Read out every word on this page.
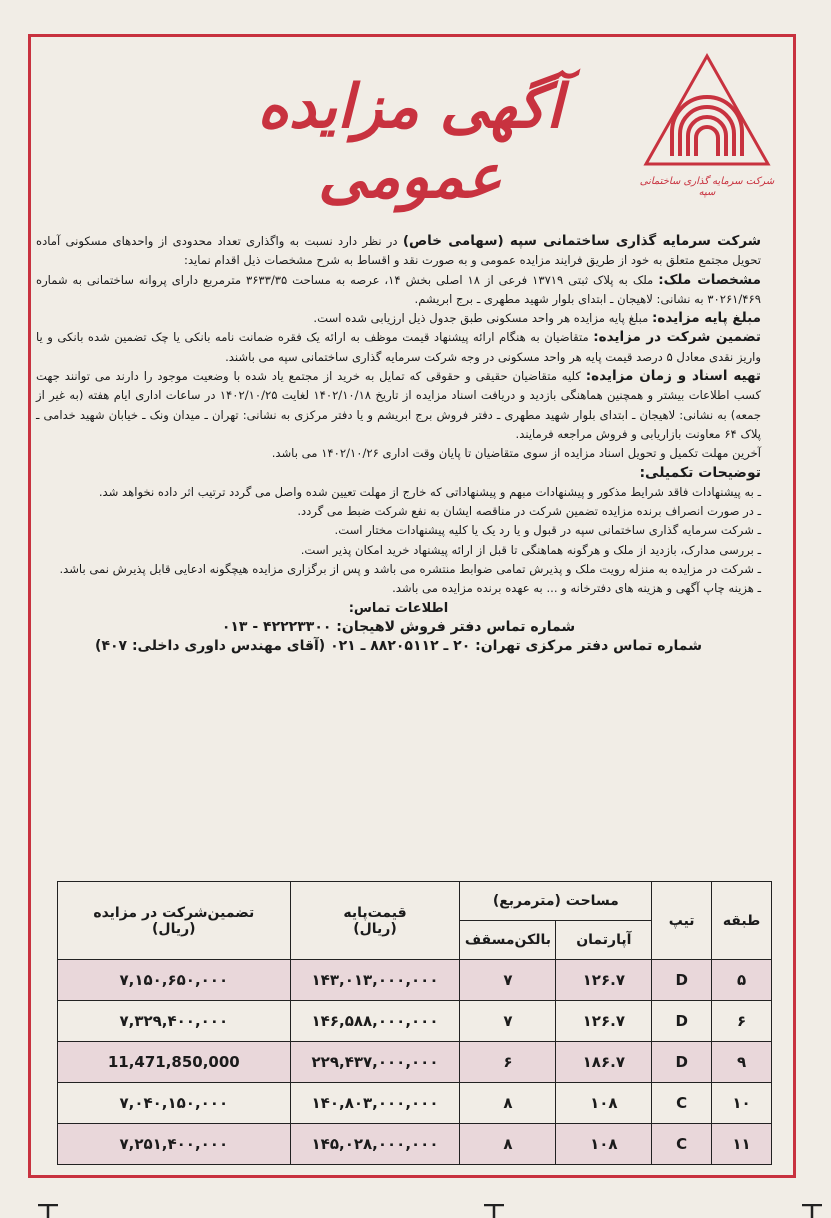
آگهی مزایده عمومی	شرکت سرمایه گذاری ساختمانی سپه

شرکت سرمایه گذاری ساختمانی سپه (سهامی خاص) در نظر دارد نسبت به واگذاری تعداد محدودی از واحدهای مسکونی آماده تحویل مجتمع متعلق به خود از طریق فرایند مزایده عمومی و به صورت نقد و اقساط به شرح مشخصات ذیل اقدام نماید:

مشخصات ملک: ملک به پلاک ثبتی ۱۳۷۱۹ فرعی از ۱۸ اصلی بخش ۱۴، عرصه به مساحت ۳۶۳۳/۳۵ مترمربع دارای پروانه ساختمانی به شماره ۳۰۲۶۱/۴۶۹ به نشانی: لاهیجان ـ ابتدای بلوار شهید مطهری ـ برج ابریشم.

مبلغ پایه مزایده: مبلغ پایه مزایده هر واحد مسکونی طبق جدول ذیل ارزیابی شده است.

تضمین شرکت در مزایده: متقاضیان به هنگام ارائه پیشنهاد قیمت موظف به ارائه یک فقره ضمانت نامه بانکی یا چک تضمین شده بانکی و یا واریز نقدی معادل ۵ درصد قیمت پایه هر واحد مسکونی در وجه شرکت سرمایه گذاری ساختمانی سپه می باشند.

تهیه اسناد و زمان مزایده: کلیه متقاضیان حقیقی و حقوقی که تمایل به خرید از مجتمع یاد شده با وضعیت موجود را دارند می توانند جهت کسب اطلاعات بیشتر و همچنین هماهنگی بازدید و دریافت اسناد مزایده از تاریخ ۱۴۰۲/۱۰/۱۸ لغایت ۱۴۰۲/۱۰/۲۵ در ساعات اداری ایام هفته (به غیر از جمعه) به نشانی: لاهیجان ـ ابتدای بلوار شهید مطهری ـ دفتر فروش برج ابریشم و یا دفتر مرکزی به نشانی: تهران ـ میدان ونک ـ خیابان شهید خدامی ـ پلاک ۶۴ معاونت بازاریابی و فروش مراجعه فرمایند.

آخرین مهلت تکمیل و تحویل اسناد مزایده از سوی متقاضیان تا پایان وقت اداری ۱۴۰۲/۱۰/۲۶ می باشد.

توضیحات تکمیلی:

ـ به پیشنهادات فاقد شرایط مذکور و پیشنهادات مبهم و پیشنهاداتی که خارج از مهلت تعیین شده واصل می گردد ترتیب اثر داده نخواهد شد.

ـ در صورت انصراف برنده مزایده تضمین شرکت در مناقصه ایشان به نفع شرکت ضبط می گردد.

ـ شرکت سرمایه گذاری ساختمانی سپه در قبول و یا رد یک یا کلیه پیشنهادات مختار است.

ـ بررسی مدارک، بازدید از ملک و هرگونه هماهنگی تا قبل از ارائه پیشنهاد خرید امکان پذیر است.

ـ شرکت در مزایده به منزله رویت ملک و پذیرش تمامی ضوابط منتشره می باشد و پس از برگزاری مزایده هیچگونه ادعایی قابل پذیرش نمی باشد.

ـ هزینه چاپ آگهی و هزینه های دفترخانه و ... به عهده برنده مزایده می باشد.

اطلاعات تماس:
شماره تماس دفتر فروش لاهیجان: ۴۲۲۲۳۳۰۰ - ۰۱۳
شماره تماس دفتر مرکزی تهران: ۲۰ ـ ۸۸۲۰۵۱۱۲ ـ ۰۲۱ (آقای مهندس داوری داخلی: ۴۰۷)
طبقه	تیپ	مساحت (مترمربع)		قیمت‌پایه
(ریال)	تضمین‌شرکت در مزایده
(ریال)
		آپارتمان	بالکن‌مسقف		
۵	D	۱۲۶.۷	۷	۱۴۳,۰۱۳,۰۰۰,۰۰۰	۷,۱۵۰,۶۵۰,۰۰۰
۶	D	۱۲۶.۷	۷	۱۴۶,۵۸۸,۰۰۰,۰۰۰	۷,۳۲۹,۴۰۰,۰۰۰
۹	D	۱۸۶.۷	۶	۲۲۹,۴۳۷,۰۰۰,۰۰۰	11,471,850,000
۱۰	C	۱۰۸	۸	۱۴۰,۸۰۳,۰۰۰,۰۰۰	۷,۰۴۰,۱۵۰,۰۰۰
۱۱	C	۱۰۸	۸	۱۴۵,۰۲۸,۰۰۰,۰۰۰	۷,۲۵۱,۴۰۰,۰۰۰
